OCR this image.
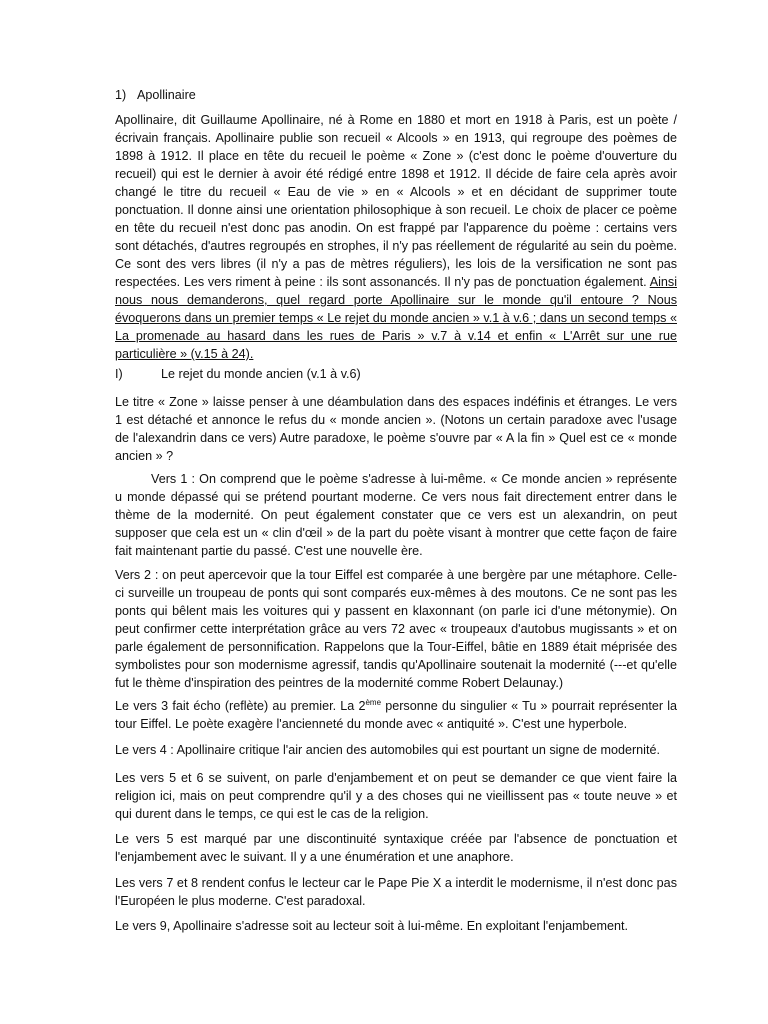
1) Apollinaire

Apollinaire, dit Guillaume Apollinaire, né à Rome en 1880 et mort en 1918 à Paris, est un poète / écrivain français. Apollinaire publie son recueil « Alcools » en 1913, qui regroupe des poèmes de 1898 à 1912. Il place en tête du recueil le poème « Zone » (c'est donc le poème d'ouverture du recueil) qui est le dernier à avoir été rédigé entre 1898 et 1912. Il décide de faire cela après avoir changé le titre du recueil « Eau de vie » en « Alcools » et en décidant de supprimer toute ponctuation. Il donne ainsi une orientation philosophique à son recueil. Le choix de placer ce poème en tête du recueil n'est donc pas anodin. On est frappé par l'apparence du poème : certains vers sont détachés, d'autres regroupés en strophes, il n'y pas réellement de régularité au sein du poème. Ce sont des vers libres (il n'y a pas de mètres réguliers), les lois de la versification ne sont pas respectées. Les vers riment à peine : ils sont assonancés. Il n'y pas de ponctuation également. Ainsi nous nous demanderons, quel regard porte Apollinaire sur le monde qu'il entoure ? Nous évoquerons dans un premier temps « Le rejet du monde ancien » v.1 à v.6 ; dans un second temps « La promenade au hasard dans les rues de Paris » v.7 à v.14 et enfin « L'Arrêt sur une rue particulière » (v.15 à 24).

I)	Le rejet du monde ancien (v.1 à v.6)

Le titre « Zone » laisse penser à une déambulation dans des espaces indéfinis et étranges. Le vers 1 est détaché et annonce le refus du « monde ancien ». (Notons un certain paradoxe avec l'usage de l'alexandrin dans ce vers) Autre paradoxe, le poème s'ouvre par « A la fin » Quel est ce « monde ancien » ?

Vers 1 : On comprend que le poème s'adresse à lui-même. « Ce monde ancien » représente u monde dépassé qui se prétend pourtant moderne. Ce vers nous fait directement entrer dans le thème de la modernité. On peut également constater que ce vers est un alexandrin, on peut supposer que cela est un « clin d'œil » de la part du poète visant à montrer que cette façon de faire fait maintenant partie du passé. C'est une nouvelle ère.

Vers 2 : on peut apercevoir que la tour Eiffel est comparée à une bergère par une métaphore. Celle-ci surveille un troupeau de ponts qui sont comparés eux-mêmes à des moutons. Ce ne sont pas les ponts qui bêlent mais les voitures qui y passent en klaxonnant (on parle ici d'une métonymie). On peut confirmer cette interprétation grâce au vers 72 avec « troupeaux d'autobus mugissants » et on parle également de personnification. Rappelons que la Tour-Eiffel, bâtie en 1889 était méprisée des symbolistes pour son modernisme agressif, tandis qu'Apollinaire soutenait la modernité (---et qu'elle fut le thème d'inspiration des peintres de la modernité comme Robert Delaunay.)

Le vers 3 fait écho (reflète) au premier. La 2ème personne du singulier « Tu » pourrait représenter la tour Eiffel. Le poète exagère l'ancienneté du monde avec « antiquité ». C'est une hyperbole.

Le vers 4 : Apollinaire critique l'air ancien des automobiles qui est pourtant un signe de modernité.

Les vers 5 et 6 se suivent, on parle d'enjambement et on peut se demander ce que vient faire la religion ici, mais on peut comprendre qu'il y a des choses qui ne vieillissent pas « toute neuve » et qui durent dans le temps, ce qui est le cas de la religion.

Le vers 5 est marqué par une discontinuité syntaxique créée par l'absence de ponctuation et l'enjambement avec le suivant. Il y a une énumération et une anaphore.

Les vers 7 et 8 rendent confus le lecteur car le Pape Pie X a interdit le modernisme, il n'est donc pas l'Européen le plus moderne. C'est paradoxal.

Le vers 9, Apollinaire s'adresse soit au lecteur soit à lui-même. En exploitant l'enjambement.
